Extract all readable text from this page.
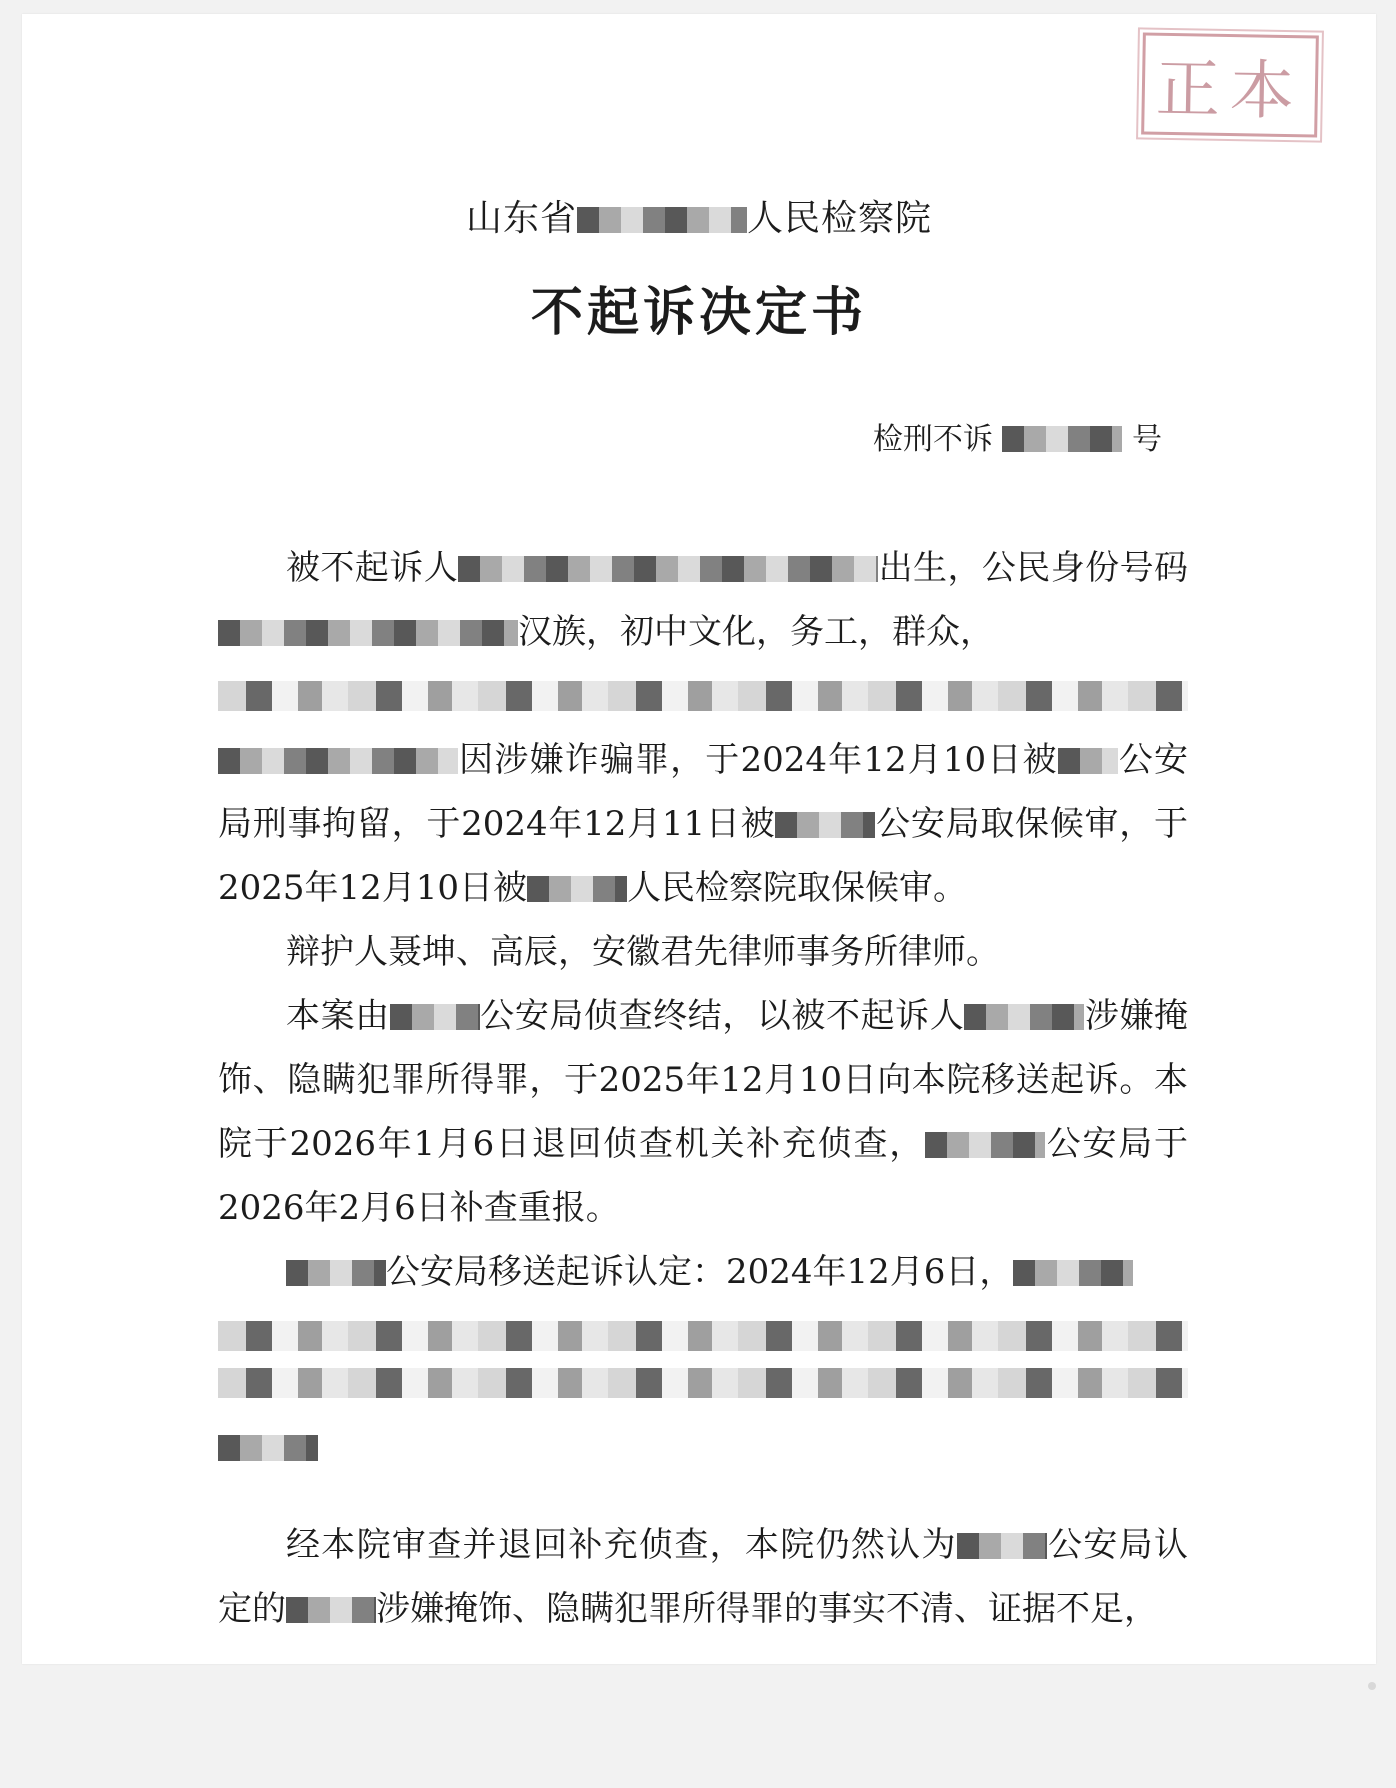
正本
山东省	人民检察院
不起诉决定书
检刑不诉	号

被不起诉人	出生，公民身份号码汉族，初中文化，务工，群众，
因涉嫌诈骗罪，于2024年12月10日被 公安局刑事拘留，于2024年12月11日被	公安局取保候审，于2025年12月10日被	人民检察院取保候审。

辩护人聂坤、高辰，安徽君先律师事务所律师。

本案由	公安局侦查终结，以被不起诉人	涉嫌掩饰、隐瞒犯罪所得罪，于2025年12月10日向本院移送起诉。本院于2026年1月6日退回侦查机关补充侦查，	公安局于2026年2月6日补查重报。

公安局移送起诉认定：2024年12月6日，

经本院审查并退回补充侦查，本院仍然认为	公安局认定的	涉嫌掩饰、隐瞒犯罪所得罪的事实不清、证据不足，
